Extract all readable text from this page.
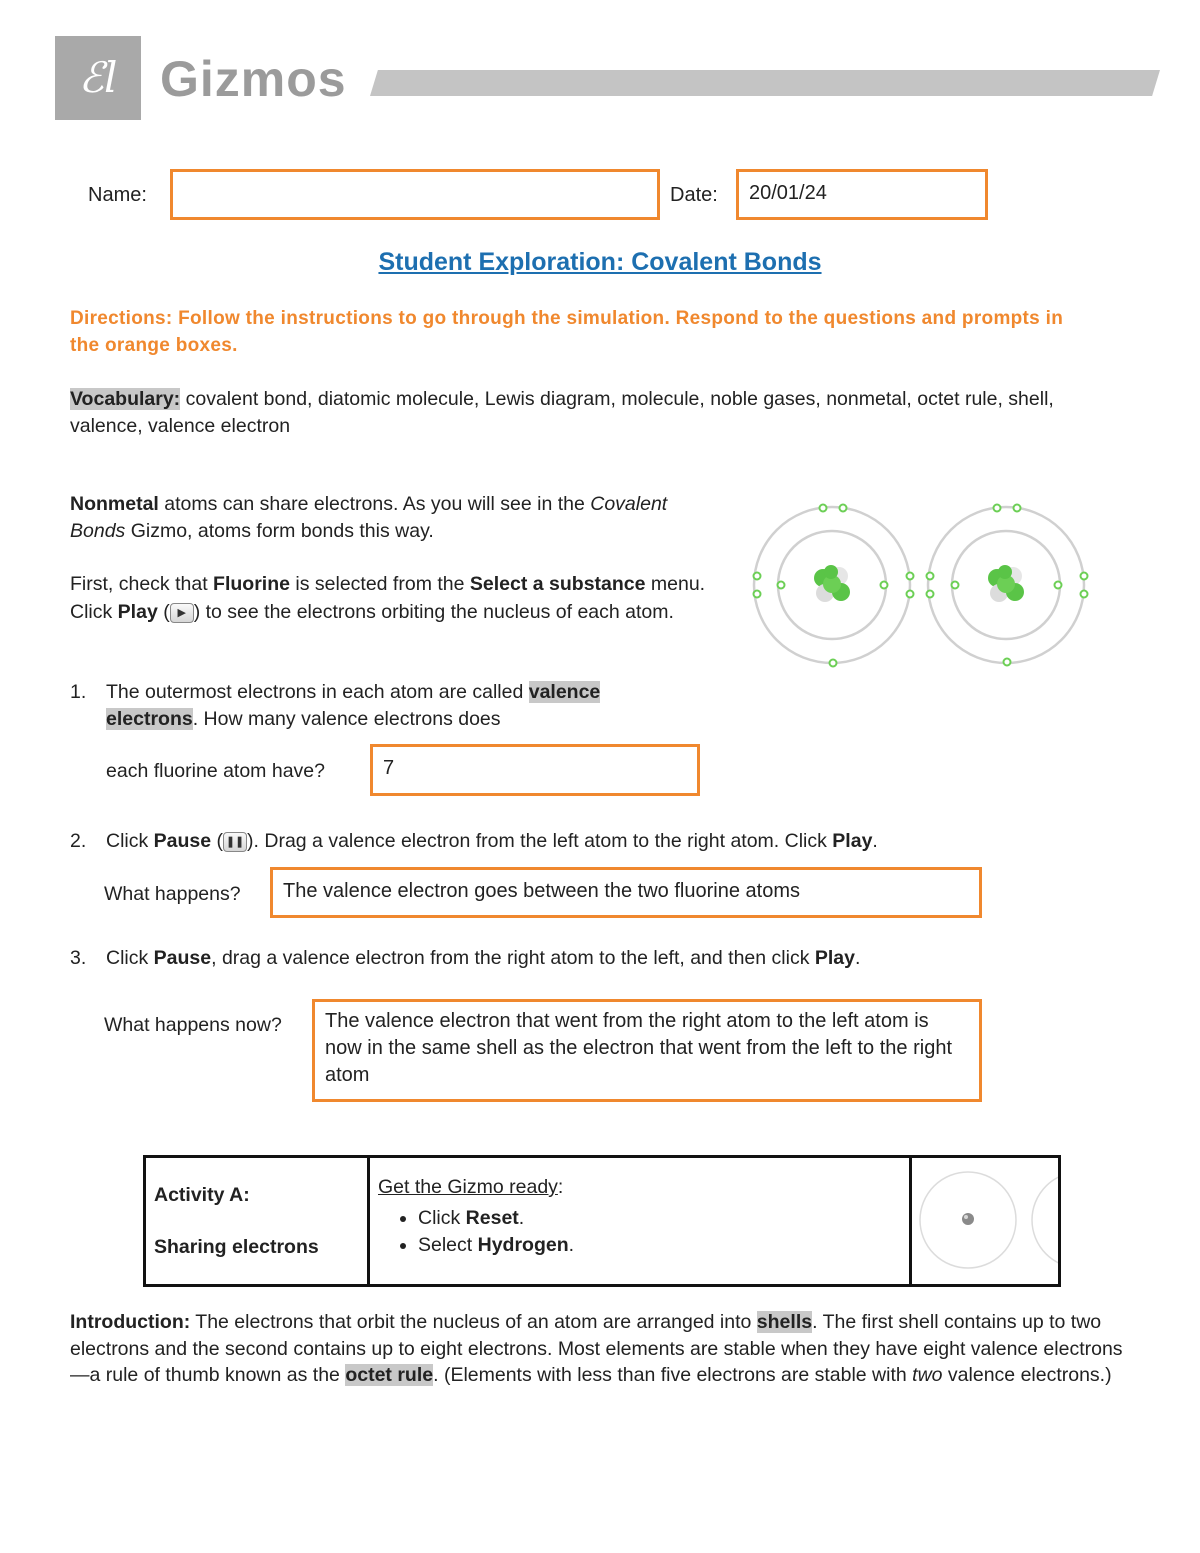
ℰl Gizmos
Name:	Date:	20/01/24
Student Exploration: Covalent Bonds
Directions: Follow the instructions to go through the simulation. Respond to the questions and prompts in the orange boxes.
Vocabulary: covalent bond, diatomic molecule, Lewis diagram, molecule, noble gases, nonmetal, octet rule, shell, valence, valence electron
Nonmetal atoms can share electrons. As you will see in the Covalent Bonds Gizmo, atoms form bonds this way.
First, check that Fluorine is selected from the Select a substance menu. Click Play ( ▶ ) to see the electrons orbiting the nucleus of each atom.
1. The outermost electrons in each atom are called valence electrons. How many valence electrons does
each fluorine atom have?	7
2. Click Pause ( ❚❚ ). Drag a valence electron from the left atom to the right atom. Click Play.
What happens?	The valence electron goes between the two fluorine atoms
3. Click Pause, drag a valence electron from the right atom to the left, and then click Play.
What happens now?	The valence electron that went from the right atom to the left atom is now in the same shell as the electron that went from the left to the right atom
Activity A:
Sharing electrons

Get the Gizmo ready:
• Click Reset.
• Select Hydrogen.

Introduction: The electrons that orbit the nucleus of an atom are arranged into shells. The first shell contains up to two electrons and the second contains up to eight electrons. Most elements are stable when they have eight valence electrons—a rule of thumb known as the octet rule. (Elements with less than five electrons are stable with two valence electrons.)
